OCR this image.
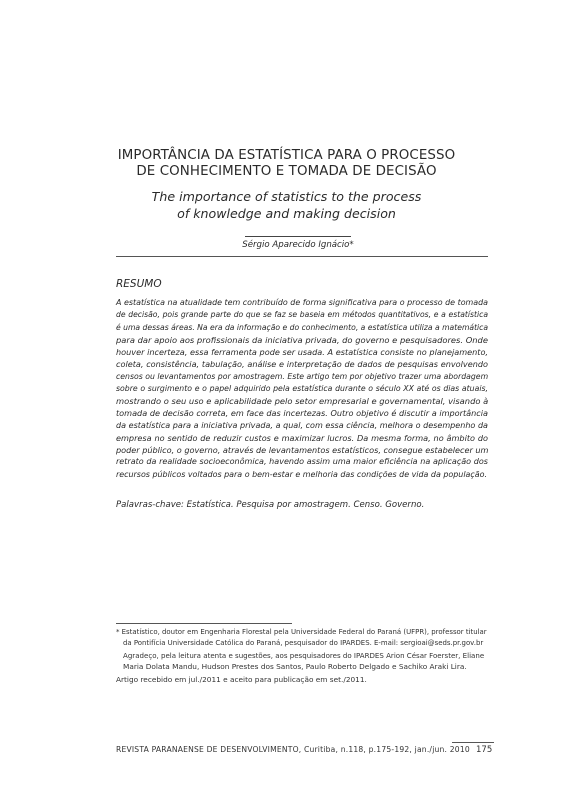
IMPORTÂNCIA DA ESTATÍSTICA PARA O PROCESSO
DE CONHECIMENTO E TOMADA DE DECISÃO
The importance of statistics to the process
of knowledge and making decision
Sérgio Aparecido Ignácio*
RESUMO
A estatística na atualidade tem contribuído de forma significativa para o processo de tomada
de decisão, pois grande parte do que se faz se baseia em métodos quantitativos, e a estatística
é uma dessas áreas. Na era da informação e do conhecimento, a estatística utiliza a matemática
para dar apoio aos profissionais da iniciativa privada, do governo e pesquisadores. Onde
houver incerteza, essa ferramenta pode ser usada. A estatística consiste no planejamento,
coleta, consistência, tabulação, análise e interpretação de dados de pesquisas envolvendo
censos ou levantamentos por amostragem. Este artigo tem por objetivo trazer uma abordagem
sobre o surgimento e o papel adquirido pela estatística durante o século XX até os dias atuais,
mostrando o seu uso e aplicabilidade pelo setor empresarial e governamental, visando à
tomada de decisão correta, em face das incertezas. Outro objetivo é discutir a importância
da estatística para a iniciativa privada, a qual, com essa ciência, melhora o desempenho da
empresa no sentido de reduzir custos e maximizar lucros. Da mesma forma, no âmbito do
poder público, o governo, através de levantamentos estatísticos, consegue estabelecer um
retrato da realidade socioeconômica, havendo assim uma maior eficiência na aplicação dos
recursos públicos voltados para o bem-estar e melhoria das condições de vida da população.
Palavras-chave: Estatística. Pesquisa por amostragem. Censo. Governo.
* Estatístico, doutor em Engenharia Florestal pela Universidade Federal do Paraná (UFPR), professor titular
da Pontifícia Universidade Católica do Paraná, pesquisador do IPARDES. E-mail: sergioai@seds.pr.gov.br
Agradeço, pela leitura atenta e sugestões, aos pesquisadores do IPARDES Arion César Foerster, Eliane
Maria Dolata Mandu, Hudson Prestes dos Santos, Paulo Roberto Delgado e Sachiko Araki Lira.
Artigo recebido em jul./2011 e aceito para publicação em set./2011.
REVISTA PARANAENSE DE DESENVOLVIMENTO, Curitiba, n.118, p.175-192, jan./jun. 2010 175
